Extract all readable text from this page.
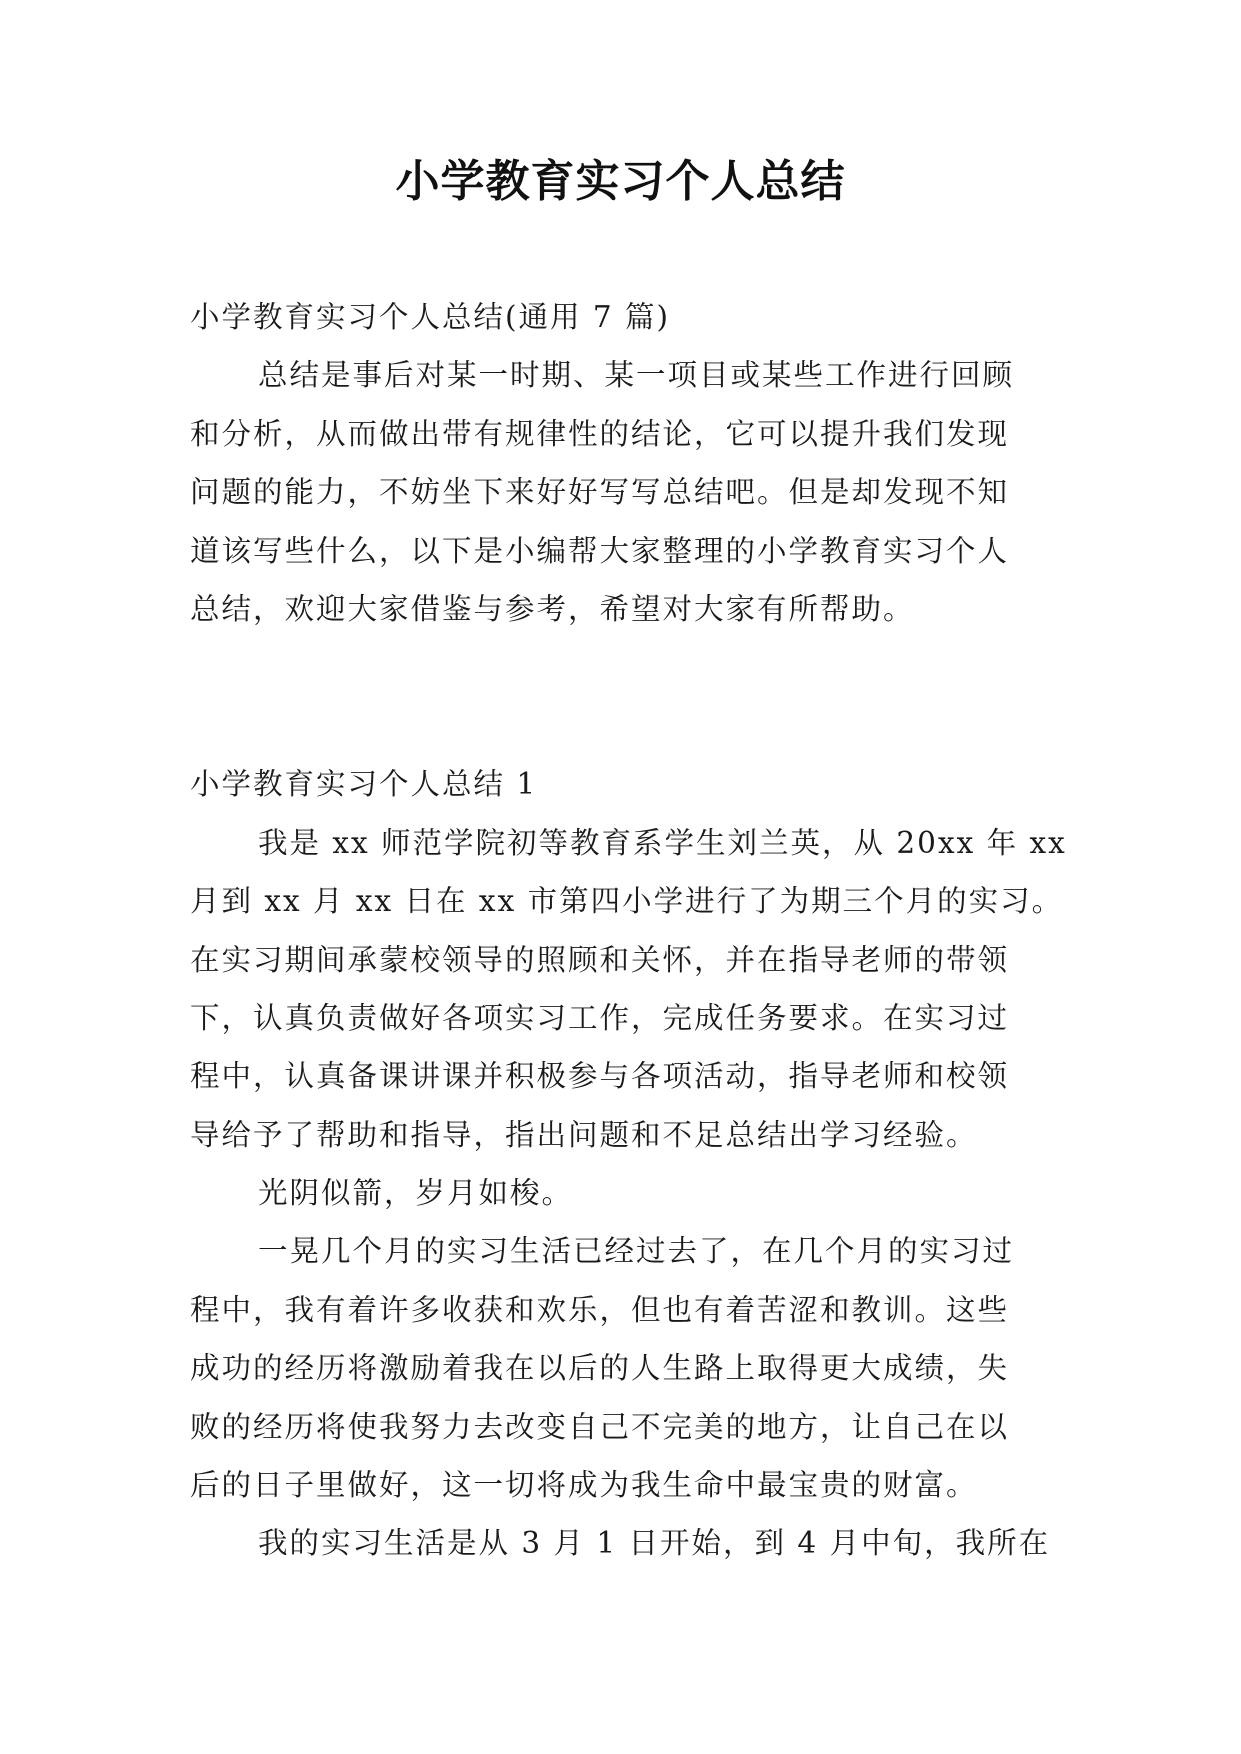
小学教育实习个人总结
小学教育实习个人总结(通用 7 篇)
总结是事后对某一时期、某一项目或某些工作进行回顾
和分析，从而做出带有规律性的结论，它可以提升我们发现
问题的能力，不妨坐下来好好写写总结吧。但是却发现不知
道该写些什么，以下是小编帮大家整理的小学教育实习个人
总结，欢迎大家借鉴与参考，希望对大家有所帮助。
小学教育实习个人总结 1
我是 xx 师范学院初等教育系学生刘兰英，从 20xx 年 xx
月到 xx 月 xx 日在 xx 市第四小学进行了为期三个月的实习。
在实习期间承蒙校领导的照顾和关怀，并在指导老师的带领
下，认真负责做好各项实习工作，完成任务要求。在实习过
程中，认真备课讲课并积极参与各项活动，指导老师和校领
导给予了帮助和指导，指出问题和不足总结出学习经验。
光阴似箭，岁月如梭。
一晃几个月的实习生活已经过去了，在几个月的实习过
程中，我有着许多收获和欢乐，但也有着苦涩和教训。这些
成功的经历将激励着我在以后的人生路上取得更大成绩，失
败的经历将使我努力去改变自己不完美的地方，让自己在以
后的日子里做好，这一切将成为我生命中最宝贵的财富。
我的实习生活是从 3 月 1 日开始，到 4 月中旬，我所在
